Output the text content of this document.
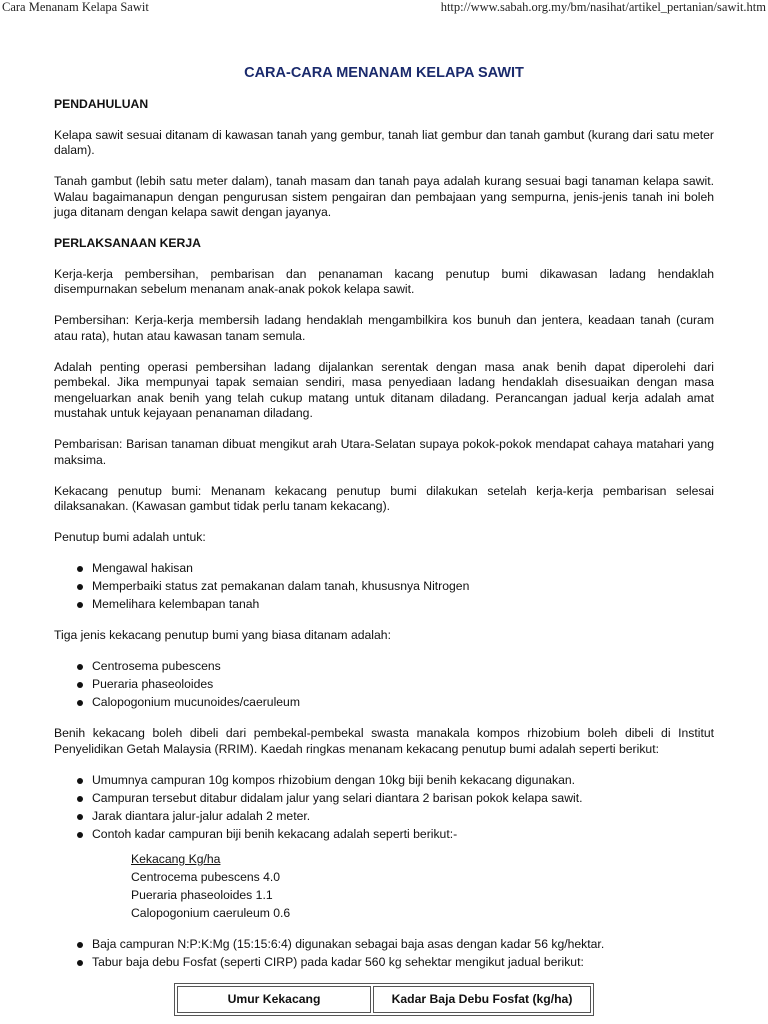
Cara Menanam Kelapa Sawit	http://www.sabah.org.my/bm/nasihat/artikel_pertanian/sawit.htm
CARA-CARA MENANAM KELAPA SAWIT
PENDAHULUAN

Kelapa sawit sesuai ditanam di kawasan tanah yang gembur, tanah liat gembur dan tanah gambut (kurang dari satu meter dalam).

Tanah gambut (lebih satu meter dalam), tanah masam dan tanah paya adalah kurang sesuai bagi tanaman kelapa sawit. Walau bagaimanapun dengan pengurusan sistem pengairan dan pembajaan yang sempurna, jenis-jenis tanah ini boleh juga ditanam dengan kelapa sawit dengan jayanya.

PERLAKSANAAN KERJA

Kerja-kerja pembersihan, pembarisan dan penanaman kacang penutup bumi dikawasan ladang hendaklah disempurnakan sebelum menanam anak-anak pokok kelapa sawit.

Pembersihan: Kerja-kerja membersih ladang hendaklah mengambilkira kos bunuh dan jentera, keadaan tanah (curam atau rata), hutan atau kawasan tanam semula.

Adalah penting operasi pembersihan ladang dijalankan serentak dengan masa anak benih dapat diperolehi dari pembekal. Jika mempunyai tapak semaian sendiri, masa penyediaan ladang hendaklah disesuaikan dengan masa mengeluarkan anak benih yang telah cukup matang untuk ditanam diladang. Perancangan jadual kerja adalah amat mustahak untuk kejayaan penanaman diladang.

Pembarisan: Barisan tanaman dibuat mengikut arah Utara-Selatan supaya pokok-pokok mendapat cahaya matahari yang maksima.

Kekacang penutup bumi: Menanam kekacang penutup bumi dilakukan setelah kerja-kerja pembarisan selesai dilaksanakan. (Kawasan gambut tidak perlu tanam kekacang).

Penutup bumi adalah untuk:

Mengawal hakisan
Memperbaiki status zat pemakanan dalam tanah, khususnya Nitrogen
Memelihara kelembapan tanah

Tiga jenis kekacang penutup bumi yang biasa ditanam adalah:

Centrosema pubescens
Pueraria phaseoloides
Calopogonium mucunoides/caeruleum

Benih kekacang boleh dibeli dari pembekal-pembekal swasta manakala kompos rhizobium boleh dibeli di Institut Penyelidikan Getah Malaysia (RRIM). Kaedah ringkas menanam kekacang penutup bumi adalah seperti berikut:

Umumnya campuran 10g kompos rhizobium dengan 10kg biji benih kekacang digunakan.
Campuran tersebut ditabur didalam jalur yang selari diantara 2 barisan pokok kelapa sawit.
Jarak diantara jalur-jalur adalah 2 meter.
Contoh kadar campuran biji benih kekacang adalah seperti berikut:-
Kekacang Kg/ha
Centrocema pubescens 4.0
Pueraria phaseoloides 1.1
Calopogonium caeruleum 0.6
Baja campuran N:P:K:Mg (15:15:6:4) digunakan sebagai baja asas dengan kadar 56 kg/hektar.
Tabur baja debu Fosfat (seperti CIRP) pada kadar 560 kg sehektar mengikut jadual berikut:
Umur Kekacang	Kadar Baja Debu Fosfat (kg/ha)
